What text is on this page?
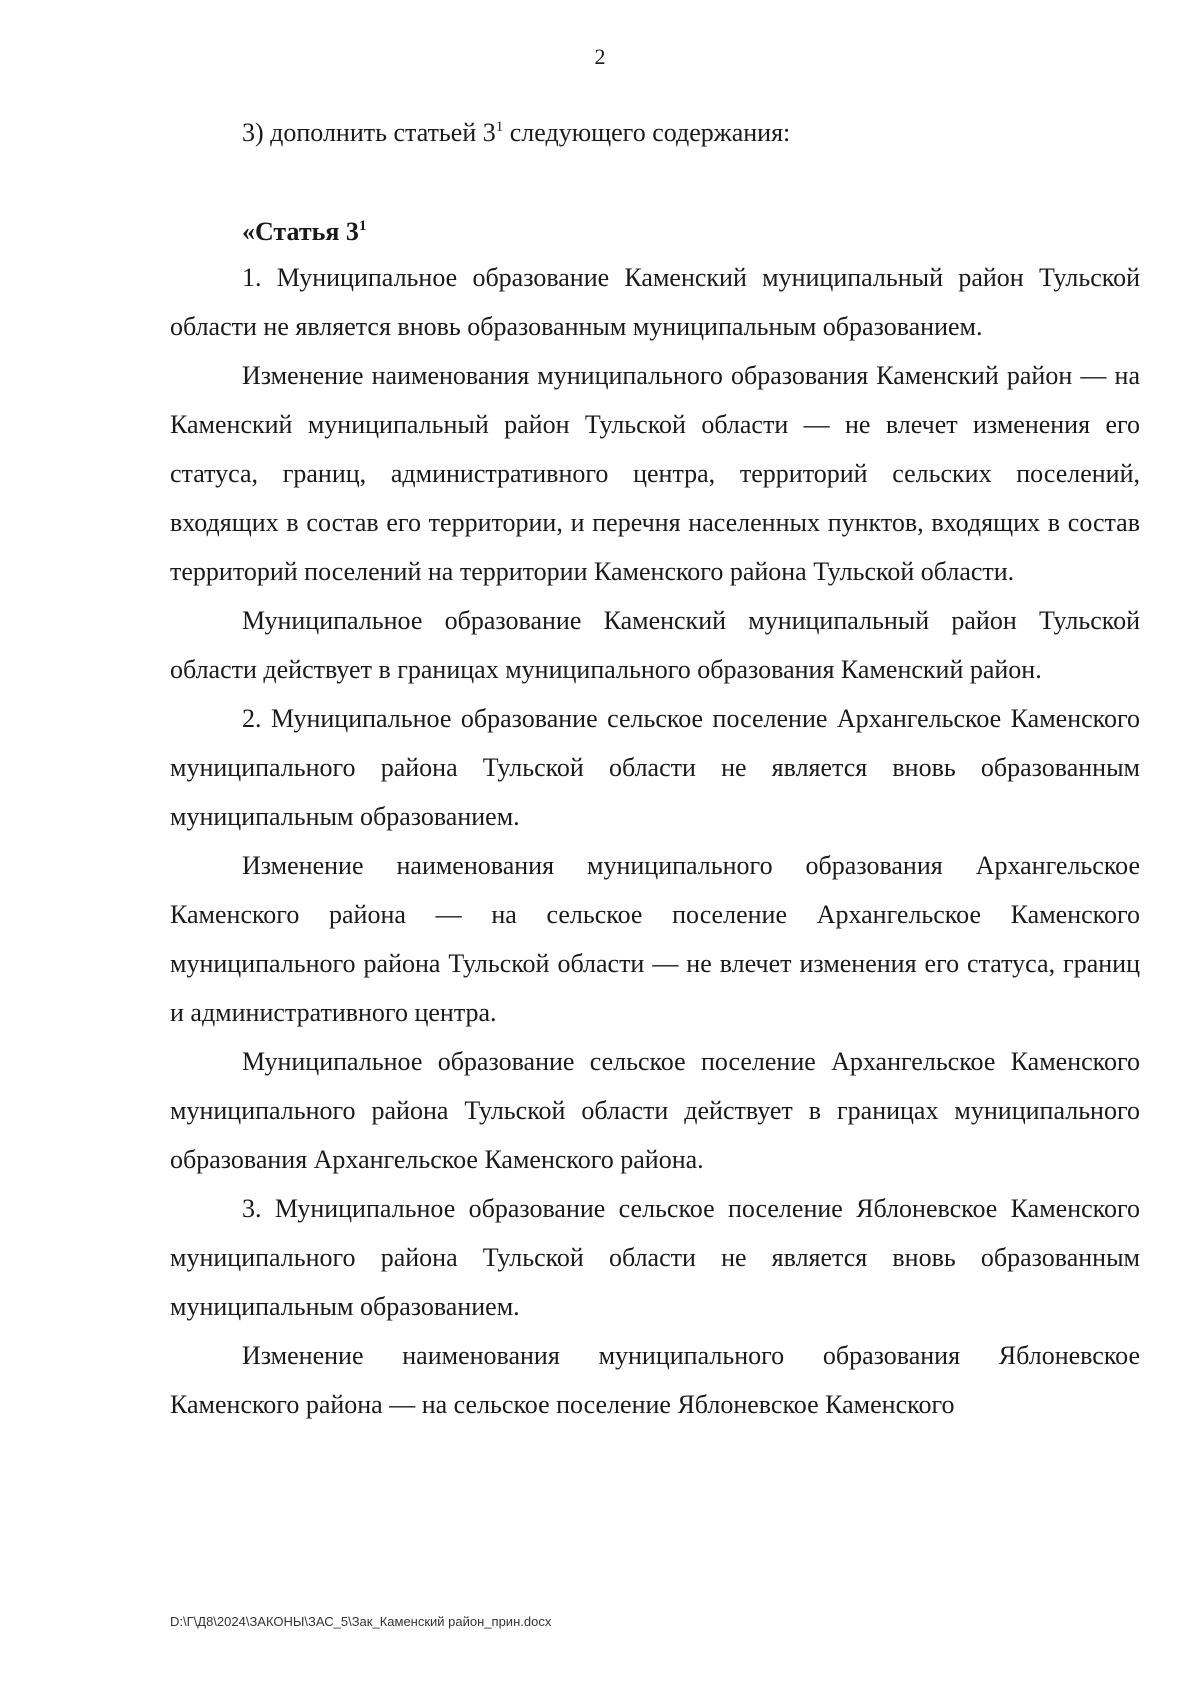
2
3) дополнить статьей $3^1$ следующего содержания:
«Статья $3^1$

1. Муниципальное образование Каменский муниципальный район Тульской области не является вновь образованным муниципальным образованием.

Изменение наименования муниципального образования Каменский район — на Каменский муниципальный район Тульской области — не влечет изменения его статуса, границ, административного центра, территорий сельских поселений, входящих в состав его территории, и перечня населенных пунктов, входящих в состав территорий поселений на территории Каменского района Тульской области.

Муниципальное образование Каменский муниципальный район Тульской области действует в границах муниципального образования Каменский район.

2. Муниципальное образование сельское поселение Архангельское Каменского муниципального района Тульской области не является вновь образованным муниципальным образованием.

Изменение наименования муниципального образования Архангельское Каменского района — на сельское поселение Архангельское Каменского муниципального района Тульской области — не влечет изменения его статуса, границ и административного центра.

Муниципальное образование сельское поселение Архангельское Каменского муниципального района Тульской области действует в границах муниципального образования Архангельское Каменского района.

3. Муниципальное образование сельское поселение Яблоневское Каменского муниципального района Тульской области не является вновь образованным муниципальным образованием.

Изменение наименования муниципального образования Яблоневское Каменского района — на сельское поселение Яблоневское Каменского

D:\Г\Д8\2024\ЗАКОНЫ\ЗАС_5\Зак_Каменский район_прин.docx
